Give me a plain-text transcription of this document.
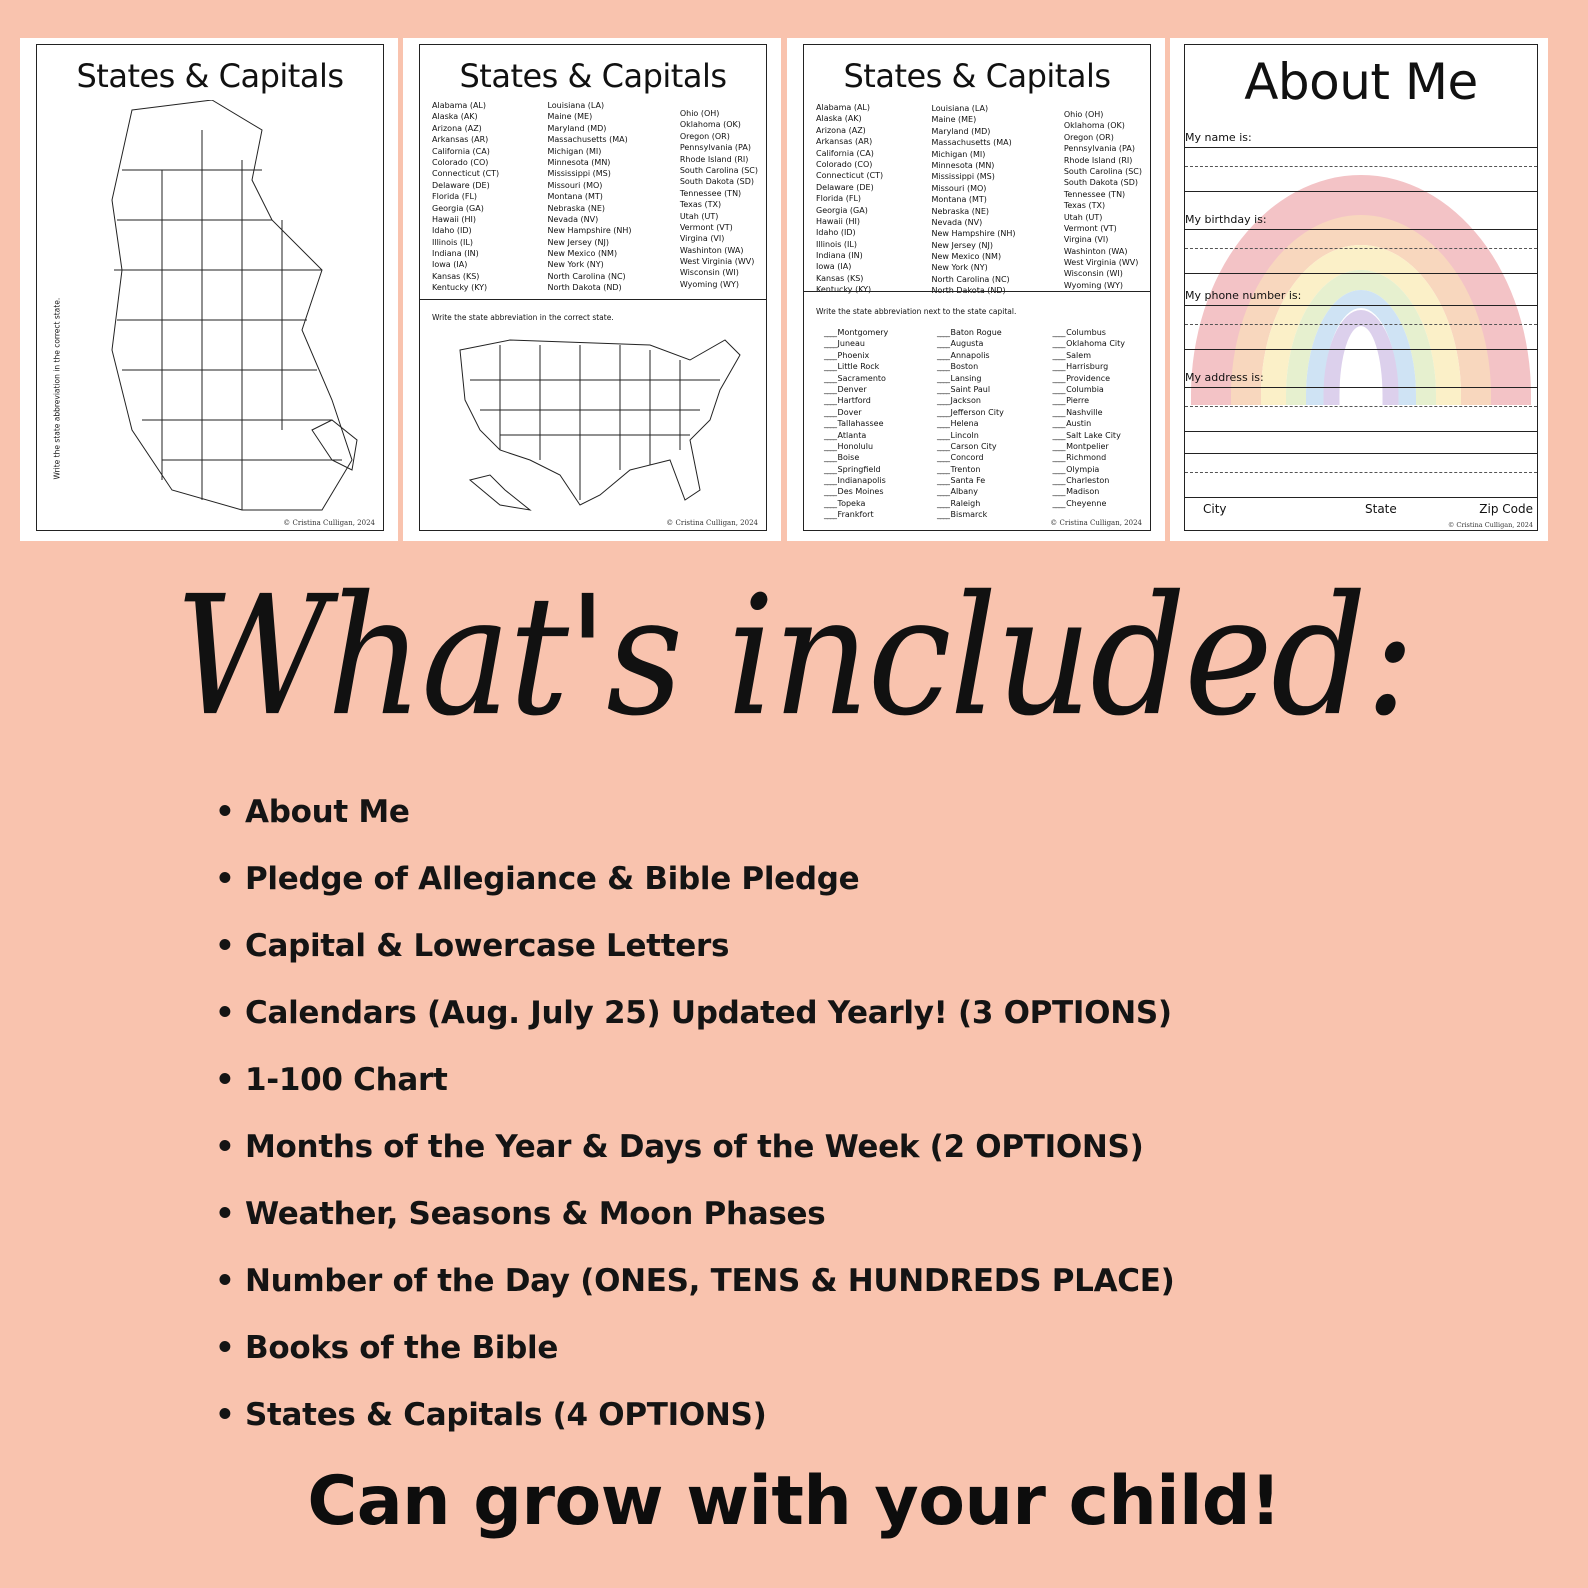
States & Capitals
Write the state abbreviation in the correct state.
© Cristina Culligan, 2024
States & Capitals
Alabama (AL)
Alaska (AK)
Arizona (AZ)
Arkansas (AR)
California (CA)
Colorado (CO)
Connecticut (CT)
Delaware (DE)
Florida (FL)
Georgia (GA)
Hawaii (HI)
Idaho (ID)
Illinois (IL)
Indiana (IN)
Iowa (IA)
Kansas (KS)
Kentucky (KY)
Louisiana (LA)
Maine (ME)
Maryland (MD)
Massachusetts (MA)
Michigan (MI)
Minnesota (MN)
Mississippi (MS)
Missouri (MO)
Montana (MT)
Nebraska (NE)
Nevada (NV)
New Hampshire (NH)
New Jersey (NJ)
New Mexico (NM)
New York (NY)
North Carolina (NC)
North Dakota (ND)
Ohio (OH)
Oklahoma (OK)
Oregon (OR)
Pennsylvania (PA)
Rhode Island (RI)
South Carolina (SC)
South Dakota (SD)
Tennessee (TN)
Texas (TX)
Utah (UT)
Vermont (VT)
Virgina (VI)
Washinton (WA)
West Virginia (WV)
Wisconsin (WI)
Wyoming (WY)
Write the state abbreviation in the correct state.
© Cristina Culligan, 2024
States & Capitals
Alabama (AL)
Alaska (AK)
Arizona (AZ)
Arkansas (AR)
California (CA)
Colorado (CO)
Connecticut (CT)
Delaware (DE)
Florida (FL)
Georgia (GA)
Hawaii (HI)
Idaho (ID)
Illinois (IL)
Indiana (IN)
Iowa (IA)
Kansas (KS)
Kentucky (KY)
Louisiana (LA)
Maine (ME)
Maryland (MD)
Massachusetts (MA)
Michigan (MI)
Minnesota (MN)
Mississippi (MS)
Missouri (MO)
Montana (MT)
Nebraska (NE)
Nevada (NV)
New Hampshire (NH)
New Jersey (NJ)
New Mexico (NM)
New York (NY)
North Carolina (NC)
North Dakota (ND)
Ohio (OH)
Oklahoma (OK)
Oregon (OR)
Pennsylvania (PA)
Rhode Island (RI)
South Carolina (SC)
South Dakota (SD)
Tennessee (TN)
Texas (TX)
Utah (UT)
Vermont (VT)
Virgina (VI)
Washinton (WA)
West Virginia (WV)
Wisconsin (WI)
Wyoming (WY)
Write the state abbreviation next to the state capital.
____ Montgomery
____ Juneau
____ Phoenix
____ Little Rock
____ Sacramento
____ Denver
____ Hartford
____ Dover
____ Tallahassee
____ Atlanta
____ Honolulu
____ Boise
____ Springfield
____ Indianapolis
____ Des Moines
____ Topeka
____ Frankfort
____ Baton Rogue
____ Augusta
____ Annapolis
____ Boston
____ Lansing
____ Saint Paul
____ Jackson
____ Jefferson City
____ Helena
____ Lincoln
____ Carson City
____ Concord
____ Trenton
____ Santa Fe
____ Albany
____ Raleigh
____ Bismarck
____ Columbus
____ Oklahoma City
____ Salem
____ Harrisburg
____ Providence
____ Columbia
____ Pierre
____ Nashville
____ Austin
____ Salt Lake City
____ Montpelier
____ Richmond
____ Olympia
____ Charleston
____ Madison
____ Cheyenne
© Cristina Culligan, 2024
About Me
My name is:
My birthday is:
My phone number is:
My address is:
City	State	Zip Code
© Cristina Culligan, 2024
What's included:
• About Me
• Pledge of Allegiance & Bible Pledge
• Capital & Lowercase Letters
• Calendars (Aug. July 25) Updated Yearly! (3 OPTIONS)
• 1-100 Chart
• Months of the Year & Days of the Week (2 OPTIONS)
• Weather, Seasons & Moon Phases
• Number of the Day (ONES, TENS & HUNDREDS PLACE)
• Books of the Bible
• States & Capitals (4 OPTIONS)
Can grow with your child!
